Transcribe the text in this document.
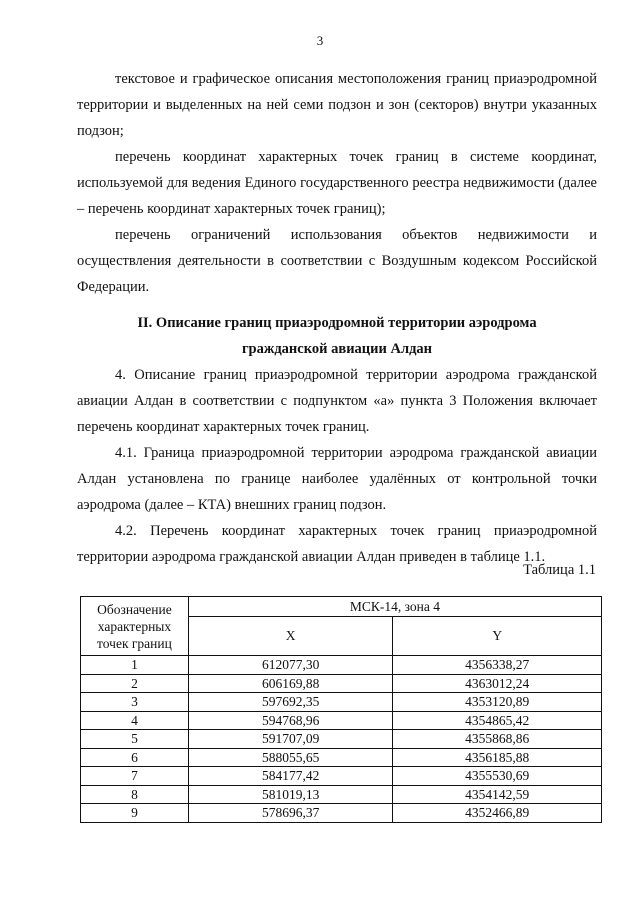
3

текстовое и графическое описания местоположения границ приаэродромной территории и выделенных на ней семи подзон и зон (секторов) внутри указанных подзон;

перечень координат характерных точек границ в системе координат, используемой для ведения Единого государственного реестра недвижимости (далее – перечень координат характерных точек границ);

перечень ограничений использования объектов недвижимости и осуществления деятельности в соответствии с Воздушным кодексом Российской Федерации.

II. Описание границ приаэродромной территории аэродрома
гражданской авиации Алдан

4. Описание границ приаэродромной территории аэродрома гражданской авиации Алдан в соответствии с подпунктом «а» пункта 3 Положения включает перечень координат характерных точек границ.

4.1. Граница приаэродромной территории аэродрома гражданской авиации Алдан установлена по границе наиболее удалённых от контрольной точки аэродрома (далее – КТА) внешних границ подзон.

4.2. Перечень координат характерных точек границ приаэродромной территории аэродрома гражданской авиации Алдан приведен в таблице 1.1.

Таблица 1.1
Обозначение характерных точек границ	МСК-14, зона 4	
	X	Y
1	612077,30	4356338,27
2	606169,88	4363012,24
3	597692,35	4353120,89
4	594768,96	4354865,42
5	591707,09	4355868,86
6	588055,65	4356185,88
7	584177,42	4355530,69
8	581019,13	4354142,59
9	578696,37	4352466,89
